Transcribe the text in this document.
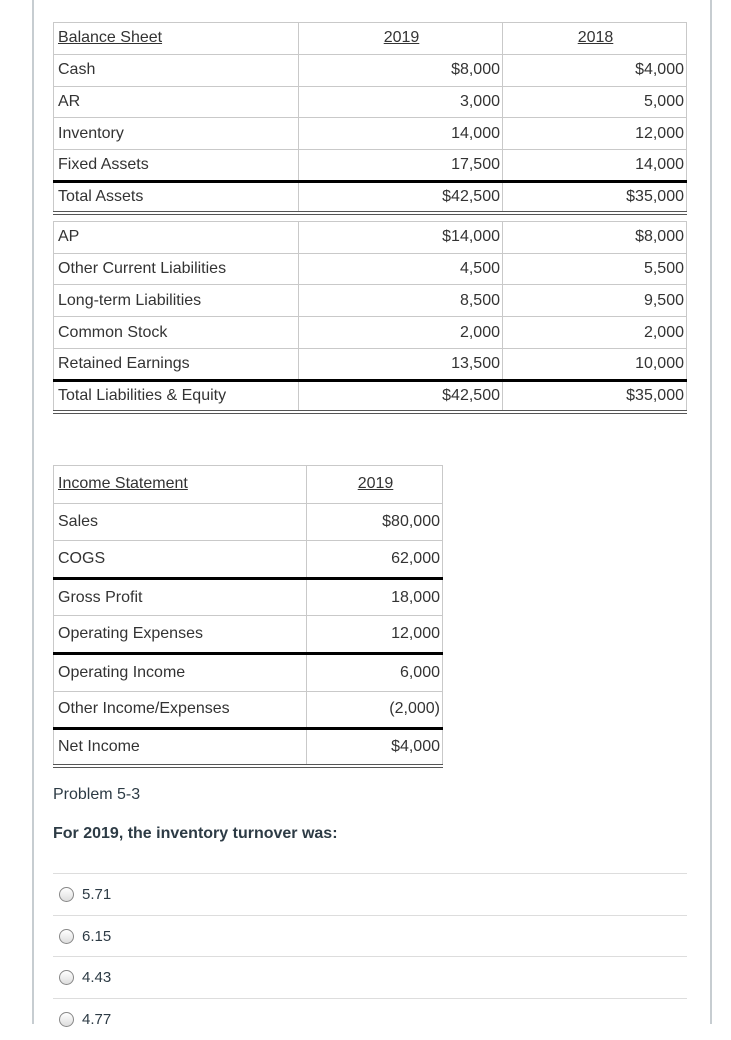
Balance Sheet	2019	2018
Cash	$8,000	$4,000
AR	3,000	5,000
Inventory	14,000	12,000
Fixed Assets	17,500	14,000
Total Assets	$42,500	$35,000

AP	$14,000	$8,000
Other Current Liabilities	4,500	5,500
Long-term Liabilities	8,500	9,500
Common Stock	2,000	2,000
Retained Earnings	13,500	10,000
Total Liabilities & Equity	$42,500	$35,000
Income Statement	2019
Sales	$80,000
COGS	62,000
Gross Profit	18,000
Operating Expenses	12,000
Operating Income	6,000
Other Income/Expenses	(2,000)
Net Income	$4,000
Problem 5-3
For 2019, the inventory turnover was:
5.71
6.15
4.43
4.77
